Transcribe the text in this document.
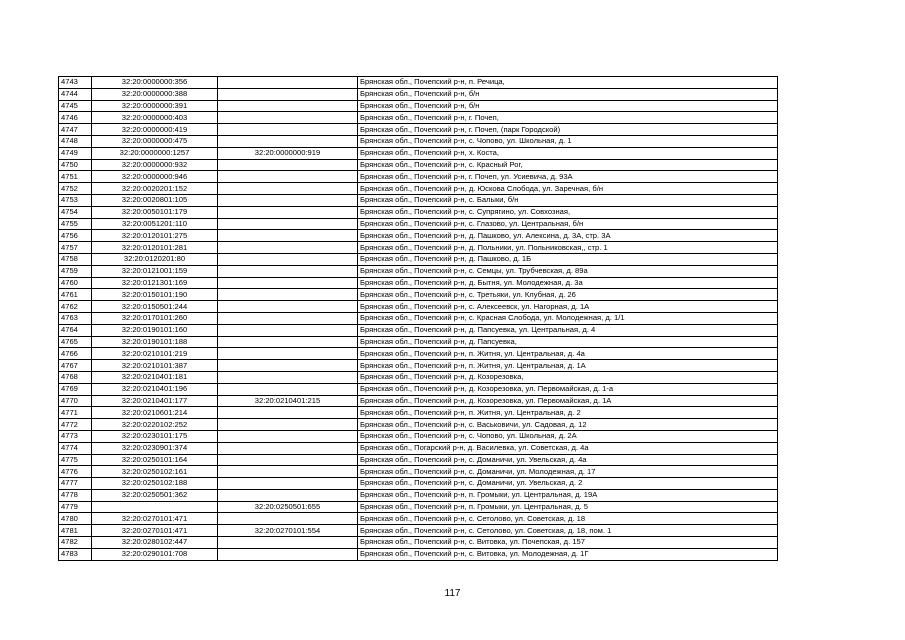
4743	32:20:0000000:356		Брянская обл., Почепский р-н, п. Речица,
4744	32:20:0000000:388		Брянская обл., Почепский р-н, б/н
4745	32:20:0000000:391		Брянская обл., Почепский р-н, б/н
4746	32:20:0000000:403		Брянская обл., Почепский р-н, г. Почеп,
4747	32:20:0000000:419		Брянская обл., Почепский р-н, г. Почеп, (парк Городской)
4748	32:20:0000000:475		Брянская обл., Почепский р-н, с. Чопово, ул. Школьная, д. 1
4749	32:20:0000000:1257	32:20:0000000:919	Брянская обл., Почепский р-н, х. Коста,
4750	32:20:0000000:932		Брянская обл., Почепский р-н, с. Красный Рог,
4751	32:20:0000000:946		Брянская обл., Почепский р-н, г. Почеп, ул. Усиевича, д. 93А
4752	32:20:0020201:152		Брянская обл., Почепский р-н, д. Юскова Слобода, ул. Заречная, б/н
4753	32:20:0020801:105		Брянская обл., Почепский р-н, с. Балыки, б/н
4754	32:20:0050101:179		Брянская обл., Почепский р-н, с. Супрягино, ул. Совхозная,
4755	32:20:0051201:110		Брянская обл., Почепский р-н, с. Глазово, ул. Центральная, б/н
4756	32:20:0120101:275		Брянская обл., Почепский р-н, д. Пашково, ул. Алексина, д. 3А, стр. 3А
4757	32:20:0120101:281		Брянская обл., Почепский р-н, д. Польники, ул. Польниковская,, стр. 1
4758	32:20:0120201:80		Брянская обл., Почепский р-н, д. Пашково, д. 1Б
4759	32:20:0121001:159		Брянская обл., Почепский р-н, с. Семцы, ул. Трубчевская, д. 89а
4760	32:20:0121301:169		Брянская обл., Почепский р-н, д. Бытня, ул. Молодежная, д. 3а
4761	32:20:0150101:190		Брянская обл., Почепский р-н, с. Третьяки, ул. Клубная, д. 26
4762	32:20:0150501:244		Брянская обл., Почепский р-н, с. Алексеевск, ул. Нагорная, д. 1А
4763	32:20:0170101:260		Брянская обл., Почепский р-н, с. Красная Слобода, ул. Молодежная, д. 1/1
4764	32:20:0190101:160		Брянская обл., Почепский р-н, д. Папсуевка, ул. Центральная, д. 4
4765	32:20:0190101:188		Брянская обл., Почепский р-н, д. Папсуевка,
4766	32:20:0210101:219		Брянская обл., Почепский р-н, п. Житня, ул. Центральная, д. 4а
4767	32:20:0210101:387		Брянская обл., Почепский р-н, п. Житня, ул. Центральная, д. 1А
4768	32:20:0210401:181		Брянская обл., Почепский р-н, д. Козорезовка,
4769	32:20:0210401:196		Брянская обл., Почепский р-н, д. Козорезовка, ул. Первомайская, д. 1-а
4770	32:20:0210401:177	32:20:0210401:215	Брянская обл., Почепский р-н, д. Козорезовка, ул. Первомайская, д. 1А
4771	32:20:0210601:214		Брянская обл., Почепский р-н, п. Житня, ул. Центральная, д. 2
4772	32:20:0220102:252		Брянская обл., Почепский р-н, с. Васьковичи, ул. Садовая, д. 12
4773	32:20:0230101:175		Брянская обл., Почепский р-н, с. Чопово, ул. Школьная, д. 2А
4774	32:20:0230901:374		Брянская обл., Погарский р-н, д. Василевка, ул. Советская, д. 4а
4775	32:20:0250101:164		Брянская обл., Почепский р-н, с. Доманичи, ул. Увельская, д. 4а
4776	32:20:0250102:161		Брянская обл., Почепский р-н, с. Доманичи, ул. Молодежная, д. 17
4777	32:20:0250102:188		Брянская обл., Почепский р-н, с. Доманичи, ул. Увельская, д. 2
4778	32:20:0250501:362		Брянская обл., Почепский р-н, п. Громыки, ул. Центральная, д. 19А
4779		32:20:0250501:655	Брянская обл., Почепский р-н, п. Громыки, ул. Центральная, д. 5
4780	32:20:0270101:471		Брянская обл., Почепский р-н, с. Сетолово, ул. Советская, д. 18
4781	32:20:0270101:471	32:20:0270101:554	Брянская обл., Почепский р-н, с. Сетолово, ул. Советская, д. 18, пом. 1
4782	32:20:0280102:447		Брянская обл., Почепский р-н, с. Витовка, ул. Почепская, д. 157
4783	32:20:0290101:708		Брянская обл., Почепский р-н, с. Витовка, ул. Молодежная, д. 1Г
117
